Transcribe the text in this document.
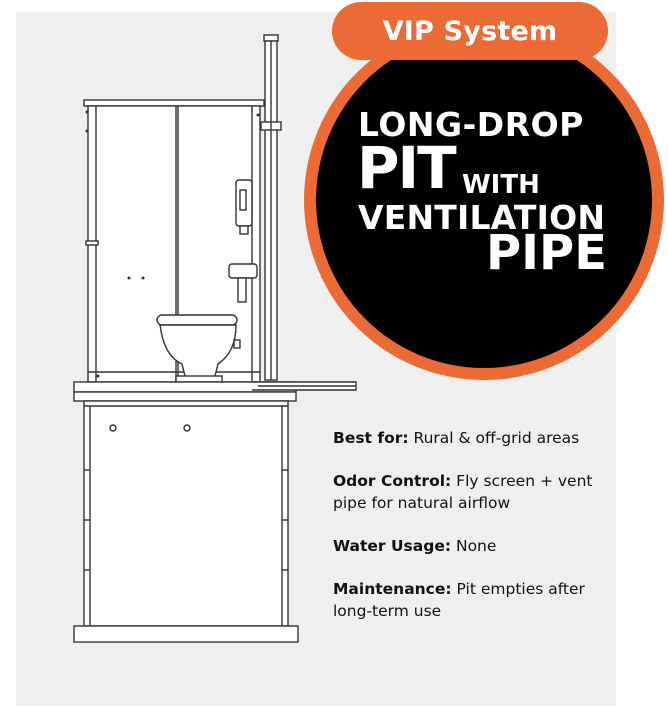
VIP System
LONG-DROP
PIT WITH
VENTILATION
PIPE

Best for: Rural & off-grid areas

Odor Control: Fly screen + vent pipe for natural airflow

Water Usage: None

Maintenance: Pit empties after long-term use
